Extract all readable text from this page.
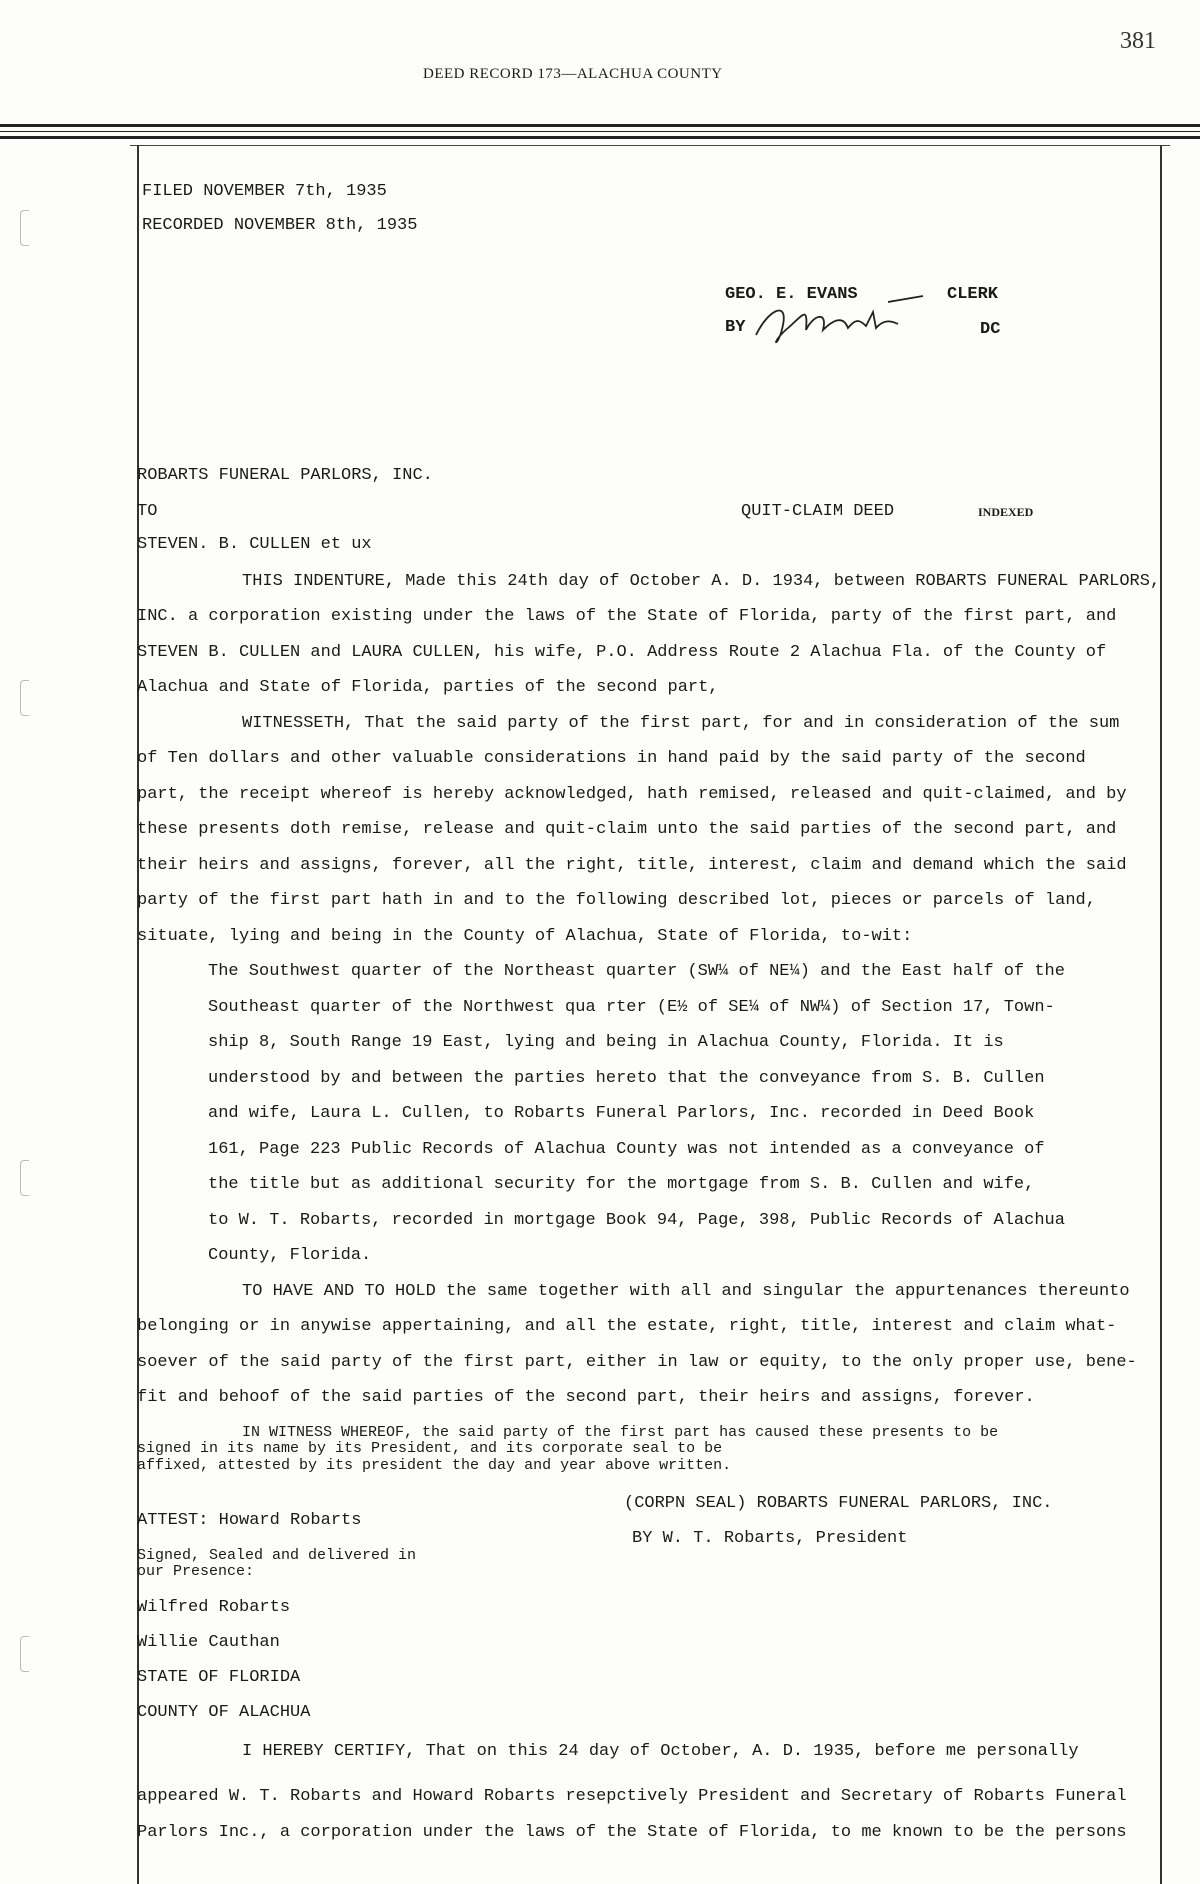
381
DEED RECORD 173—ALACHUA COUNTY
FILED NOVEMBER 7th, 1935
RECORDED NOVEMBER 8th, 1935
GEO. E. EVANS	CLERK
BY	DC
ROBARTS FUNERAL PARLORS, INC.
TO	QUIT-CLAIM DEED	INDEXED
STEVEN. B. CULLEN et ux
THIS INDENTURE, Made this 24th day of October A. D. 1934, between ROBARTS FUNERAL PARLORS,
INC. a corporation existing under the laws of the State of Florida, party of the first part, and
STEVEN B. CULLEN and LAURA CULLEN, his wife, P.O. Address Route 2 Alachua Fla. of the County of
Alachua and State of Florida, parties of the second part,
WITNESSETH, That the said party of the first part, for and in consideration of the sum
of Ten dollars and other valuable considerations in hand paid by the said party of the second
part, the receipt whereof is hereby acknowledged, hath remised, released and quit-claimed, and by
these presents doth remise, release and quit-claim unto the said parties of the second part, and
their heirs and assigns, forever, all the right, title, interest, claim and demand which the said
party of the first part hath in and to the following described lot, pieces or parcels of land,
situate, lying and being in the County of Alachua, State of Florida, to-wit:
The Southwest quarter of the Northeast quarter (SW¼ of NE¼) and the East half of the
Southeast quarter of the Northwest qua rter (E½ of SE¼ of NW¼) of Section 17, Town-
ship 8, South Range 19 East, lying and being in Alachua County, Florida. It is
understood by and between the parties hereto that the conveyance from S. B. Cullen
and wife, Laura L. Cullen, to Robarts Funeral Parlors, Inc. recorded in Deed Book
161, Page 223 Public Records of Alachua County was not intended as a conveyance of
the title but as additional security for the mortgage from S. B. Cullen and wife,
to W. T. Robarts, recorded in mortgage Book 94, Page, 398, Public Records of Alachua
County, Florida.
TO HAVE AND TO HOLD the same together with all and singular the appurtenances thereunto
belonging or in anywise appertaining, and all the estate, right, title, interest and claim what-
soever of the said party of the first part, either in law or equity, to the only proper use, bene-
fit and behoof of the said parties of the second part, their heirs and assigns, forever.
IN WITNESS WHEREOF, the said party of the first part has caused these presents to be
signed in its name by its President, and its corporate seal to be
affixed, attested by its president the day and year above written.
(CORPN SEAL) ROBARTS FUNERAL PARLORS, INC.
ATTEST: Howard Robarts
BY W. T. Robarts, President
Signed, Sealed and delivered in
our Presence:
Wilfred Robarts
Willie Cauthan
STATE OF FLORIDA
COUNTY OF ALACHUA
I HEREBY CERTIFY, That on this 24 day of October, A. D. 1935, before me personally
appeared W. T. Robarts and Howard Robarts resepctively President and Secretary of Robarts Funeral
Parlors Inc., a corporation under the laws of the State of Florida, to me known to be the persons
